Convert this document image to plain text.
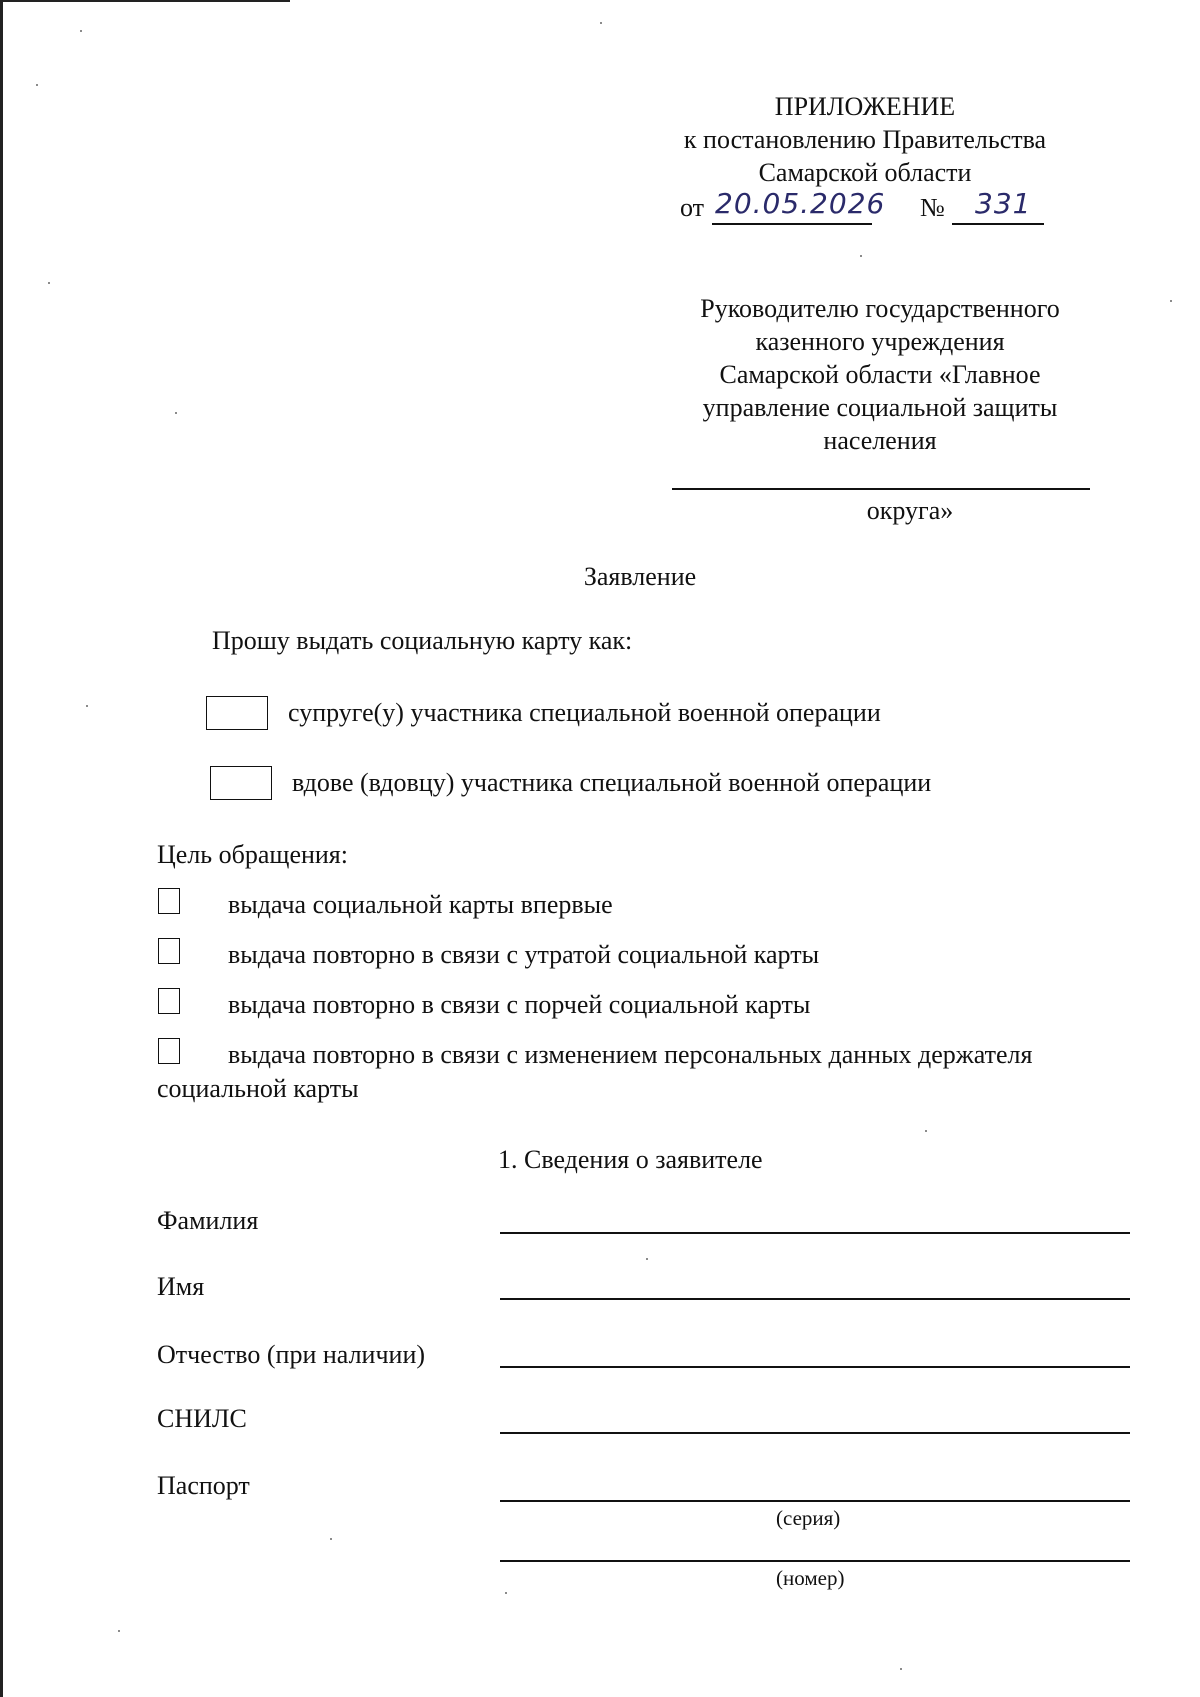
ПРИЛОЖЕНИЕ
к постановлению Правительства
Самарской области
от 20.05.2026 № 331
Руководителю государственного
казенного учреждения
Самарской области «Главное
управление социальной защиты
населения
округа»
Заявление
Прошу выдать социальную карту как:
супруге(у) участника специальной военной операции
вдове (вдовцу) участника специальной военной операции
Цель обращения:
выдача социальной карты впервые
выдача повторно в связи с утратой социальной карты
выдача повторно в связи с порчей социальной карты
выдача повторно в связи с изменением персональных данных держателя
социальной карты
1. Сведения о заявителе
Фамилия
Имя
Отчество (при наличии)
СНИЛС
Паспорт
(серия)
(номер)
